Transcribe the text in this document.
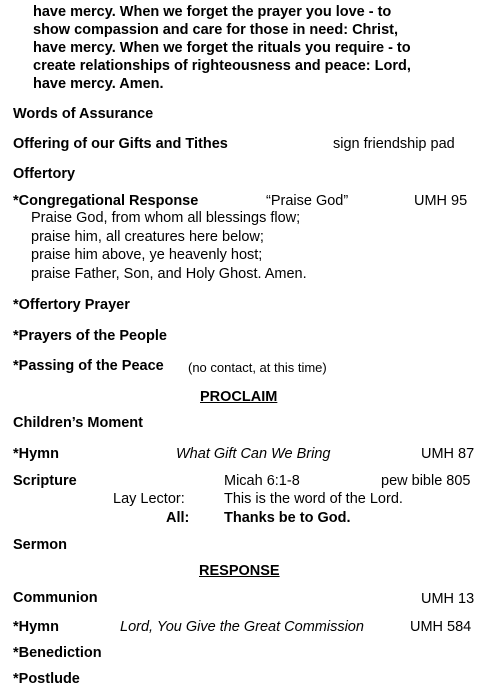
have mercy. When we forget the prayer you love - to
show compassion and care for those in need: Christ,
have mercy. When we forget the rituals you require - to
create relationships of righteousness and peace: Lord,
have mercy. Amen.
Words of Assurance
Offering of our Gifts and Tithes	sign friendship pad
Offertory
*Congregational Response	“Praise God”	UMH 95
Praise God, from whom all blessings flow;
praise him, all creatures here below;
praise him above, ye heavenly host;
praise Father, Son, and Holy Ghost. Amen.
*Offertory Prayer
*Prayers of the People
*Passing of the Peace (no contact, at this time)
PROCLAIM
Children’s Moment
*Hymn	What Gift Can We Bring	UMH 87
Scripture	Micah 6:1-8	pew bible 805
Lay Lector:	This is the word of the Lord.
All: Thanks be to God.
Sermon
RESPONSE
Communion	UMH 13
*Hymn	Lord, You Give the Great Commission	UMH 584
*Benediction
*Postlude
